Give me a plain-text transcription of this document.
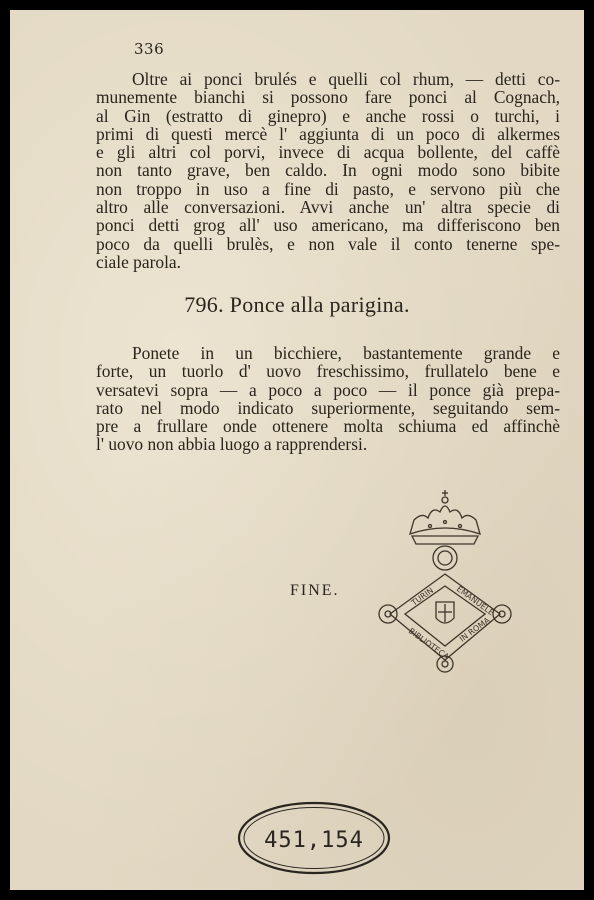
336
Oltre ai ponci brulés e quelli col rhum, — detti co-
munemente bianchi si possono fare ponci al Cognach,
al Gin (estratto di ginepro) e anche rossi o turchi, i
primi di questi mercè l' aggiunta di un poco di alkermes
e gli altri col porvi, invece di acqua bollente, del caffè
non tanto grave, ben caldo. In ogni modo sono bibite
non troppo in uso a fine di pasto, e servono più che
altro alle conversazioni. Avvi anche un' altra specie di
ponci detti grog all' uso americano, ma differiscono ben
poco da quelli brulès, e non vale il conto tenerne spe-
ciale parola.
796. Ponce alla parigina.
Ponete in un bicchiere, bastantemente grande e
forte, un tuorlo d' uovo freschissimo, frullatelo bene e
versatevi sopra — a poco a poco — il ponce già prepa-
rato nel modo indicato superiormente, seguitando sem-
pre a frullare onde ottenere molta schiuma ed affinchè
l' uovo non abbia luogo a rapprendersi.
FINE.	TURIN EMANUELE
BIBLIOTECA IN ROMA
451,154
